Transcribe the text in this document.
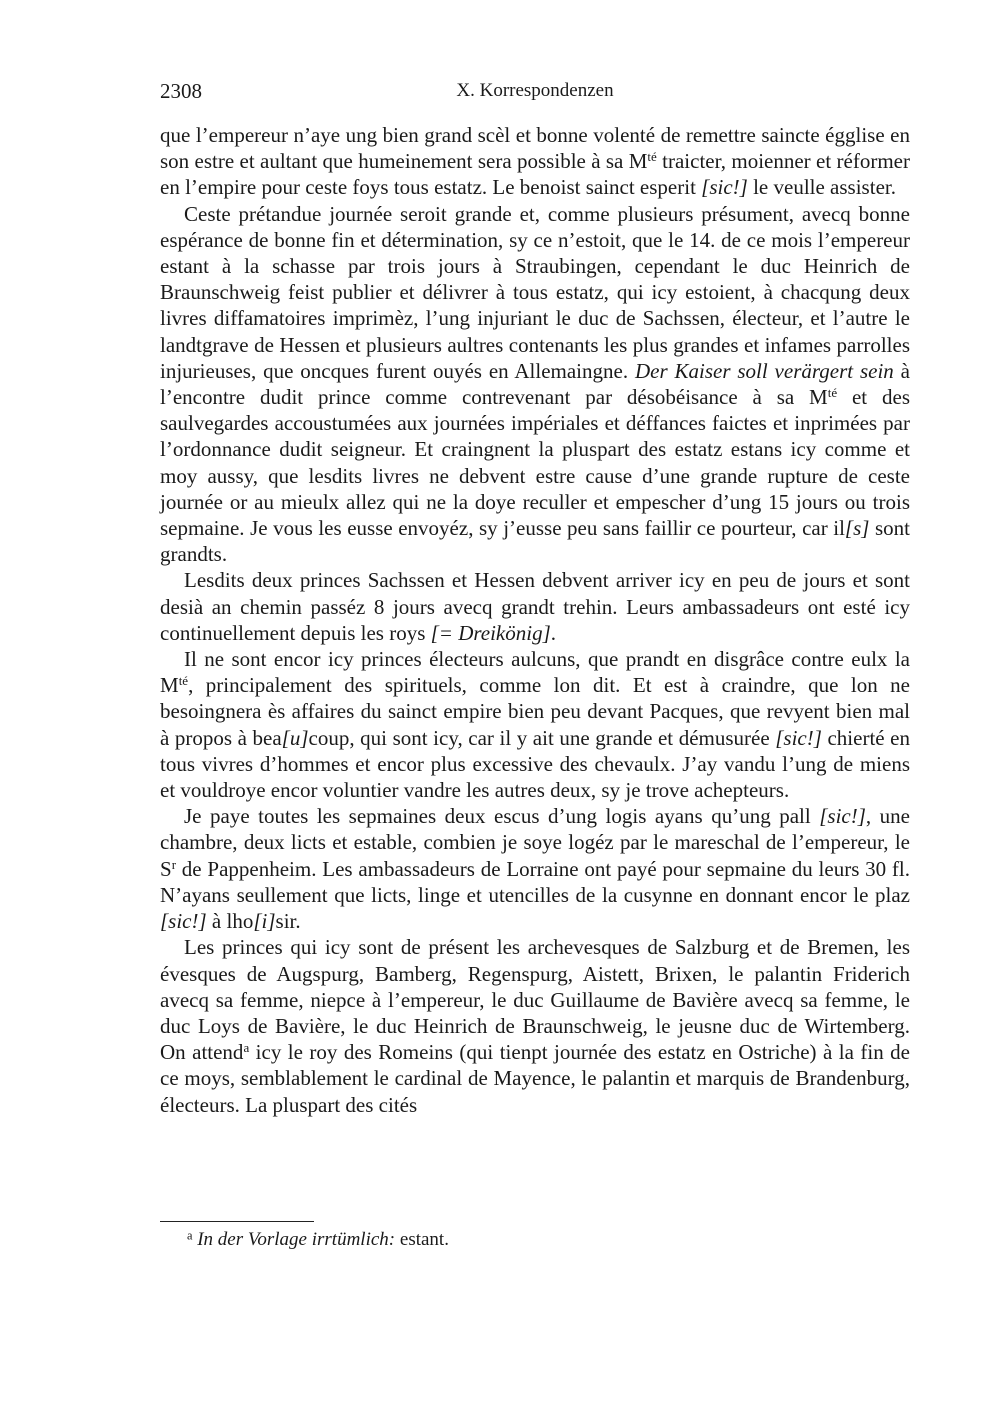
2308	X. Korrespondenzen

que l’empereur n’aye ung bien grand scèl et bonne volenté de remettre saincte égglise en son estre et aultant que humeinement sera possible à sa $M^{té}$ traicter, moienner et réformer en l’empire pour ceste foys tous estatz. Le benoist sainct esperit [sic!] le veulle assister.

Ceste prétandue journée seroit grande et, comme plusieurs présument, avecq bonne espérance de bonne fin et détermination, sy ce n’estoit, que le 14. de ce mois l’empereur estant à la schasse par trois jours à Straubingen, cependant le duc Heinrich de Braunschweig feist publier et délivrer à tous estatz, qui icy estoient, à chacqung deux livres diffamatoires imprimèz, l’ung injuriant le duc de Sachssen, électeur, et l’autre le landtgrave de Hessen et plusieurs aultres contenants les plus grandes et infames parrolles injurieuses, que oncques furent ouyés en Allemaingne. Der Kaiser soll verärgert sein à l’encontre dudit prince comme contrevenant par désobéisance à sa $M^{té}$ et des saulvegardes accoustumées aux journées impériales et déffances faictes et inprimées par l’ordonnance dudit seigneur. Et craingnent la pluspart des estatz estans icy comme et moy aussy, que lesdits livres ne debvent estre cause d’une grande rupture de ceste journée or au mieulx allez qui ne la doye reculler et empescher d’ung 15 jours ou trois sepmaine. Je vous les eusse envoyéz, sy j’eusse peu sans faillir ce pourteur, car il[s] sont grandts.

Lesdits deux princes Sachssen et Hessen debvent arriver icy en peu de jours et sont desià an chemin passéz 8 jours avecq grandt trehin. Leurs ambassadeurs ont esté icy continuellement depuis les roys [= Dreikönig].

Il ne sont encor icy princes électeurs aulcuns, que prandt en disgrâce contre eulx la $M^{té}$, principalement des spirituels, comme lon dit. Et est à craindre, que lon ne besoingnera ès affaires du sainct empire bien peu devant Pacques, que revyent bien mal à propos à bea[u]coup, qui sont icy, car il y ait une grande et démusurée [sic!] chierté en tous vivres d’hommes et encor plus excessive des chevaulx. J’ay vandu l’ung de miens et vouldroye encor voluntier vandre les autres deux, sy je trove achepteurs.

Je paye toutes les sepmaines deux escus d’ung logis ayans qu’ung pall [sic!], une chambre, deux licts et estable, combien je soye logéz par le mareschal de l’empereur, le $S^r$ de Pappenheim. Les ambassadeurs de Lorraine ont payé pour sepmaine du leurs 30 fl. N’ayans seullement que licts, linge et utencilles de la cusynne en donnant encor le plaz [sic!] à lho[i]sir.

Les princes qui icy sont de présent les archevesques de Salzburg et de Bremen, les évesques de Augspurg, Bamberg, Regenspurg, Aistett, Brixen, le palantin Friderich avecq sa femme, niepce à l’empereur, le duc Guillaume de Bavière avecq sa femme, le duc Loys de Bavière, le duc Heinrich de Braunschweig, le jeusne duc de Wirtemberg. On attend$^a$ icy le roy des Romeins (qui tienpt journée des estatz en Ostriche) à la fin de ce moys, semblablement le cardinal de Mayence, le palantin et marquis de Brandenburg, électeurs. La pluspart des cités

$^a$ In der Vorlage irrtümlich: estant.
